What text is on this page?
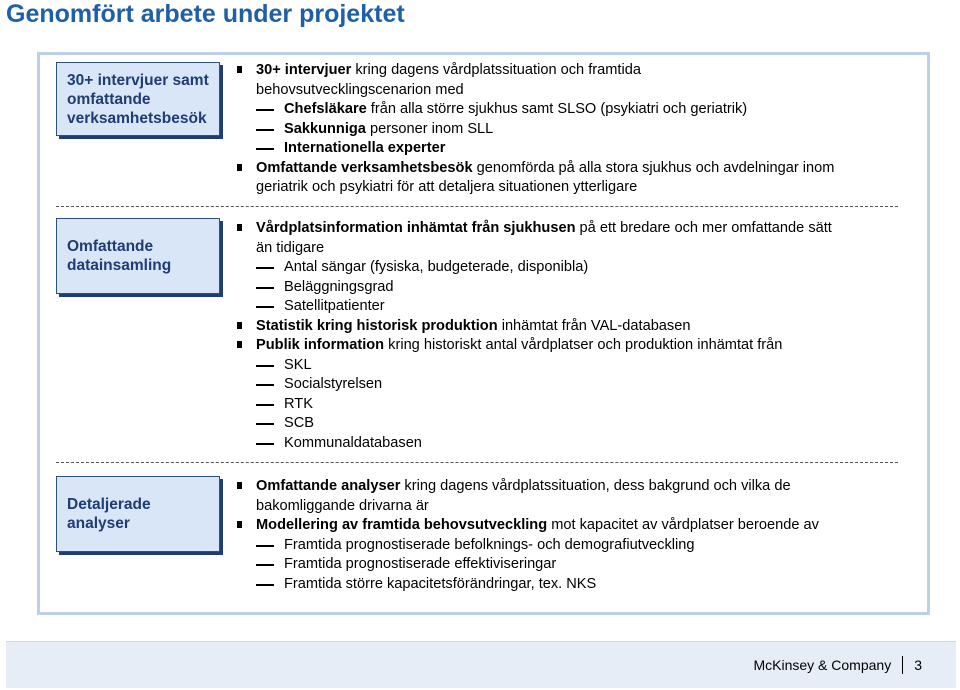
Genomfört arbete under projektet
30+ intervjuer samt
omfattande
verksamhetsbesök
Omfattande
datainsamling
Detaljerade
analyser
30+ intervjuer kring dagens vårdplatssituation och framtida
behovsutvecklingscenarion med
Chefsläkare från alla större sjukhus samt SLSO (psykiatri och geriatrik)
Sakkunniga personer inom SLL
Internationella experter
Omfattande verksamhetsbesök genomförda på alla stora sjukhus och avdelningar inom
geriatrik och psykiatri för att detaljera situationen ytterligare
Vårdplatsinformation inhämtat från sjukhusen på ett bredare och mer omfattande sätt
än tidigare
Antal sängar (fysiska, budgeterade, disponibla)
Beläggningsgrad
Satellitpatienter
Statistik kring historisk produktion inhämtat från VAL-databasen
Publik information kring historiskt antal vårdplatser och produktion inhämtat från
SKL
Socialstyrelsen
RTK
SCB
Kommunaldatabasen
Omfattande analyser kring dagens vårdplatssituation, dess bakgrund och vilka de
bakomliggande drivarna är
Modellering av framtida behovsutveckling mot kapacitet av vårdplatser beroende av
Framtida prognostiserade befolknings- och demografiutveckling
Framtida prognostiserade effektiviseringar
Framtida större kapacitetsförändringar, tex. NKS
McKinsey & Company 3
